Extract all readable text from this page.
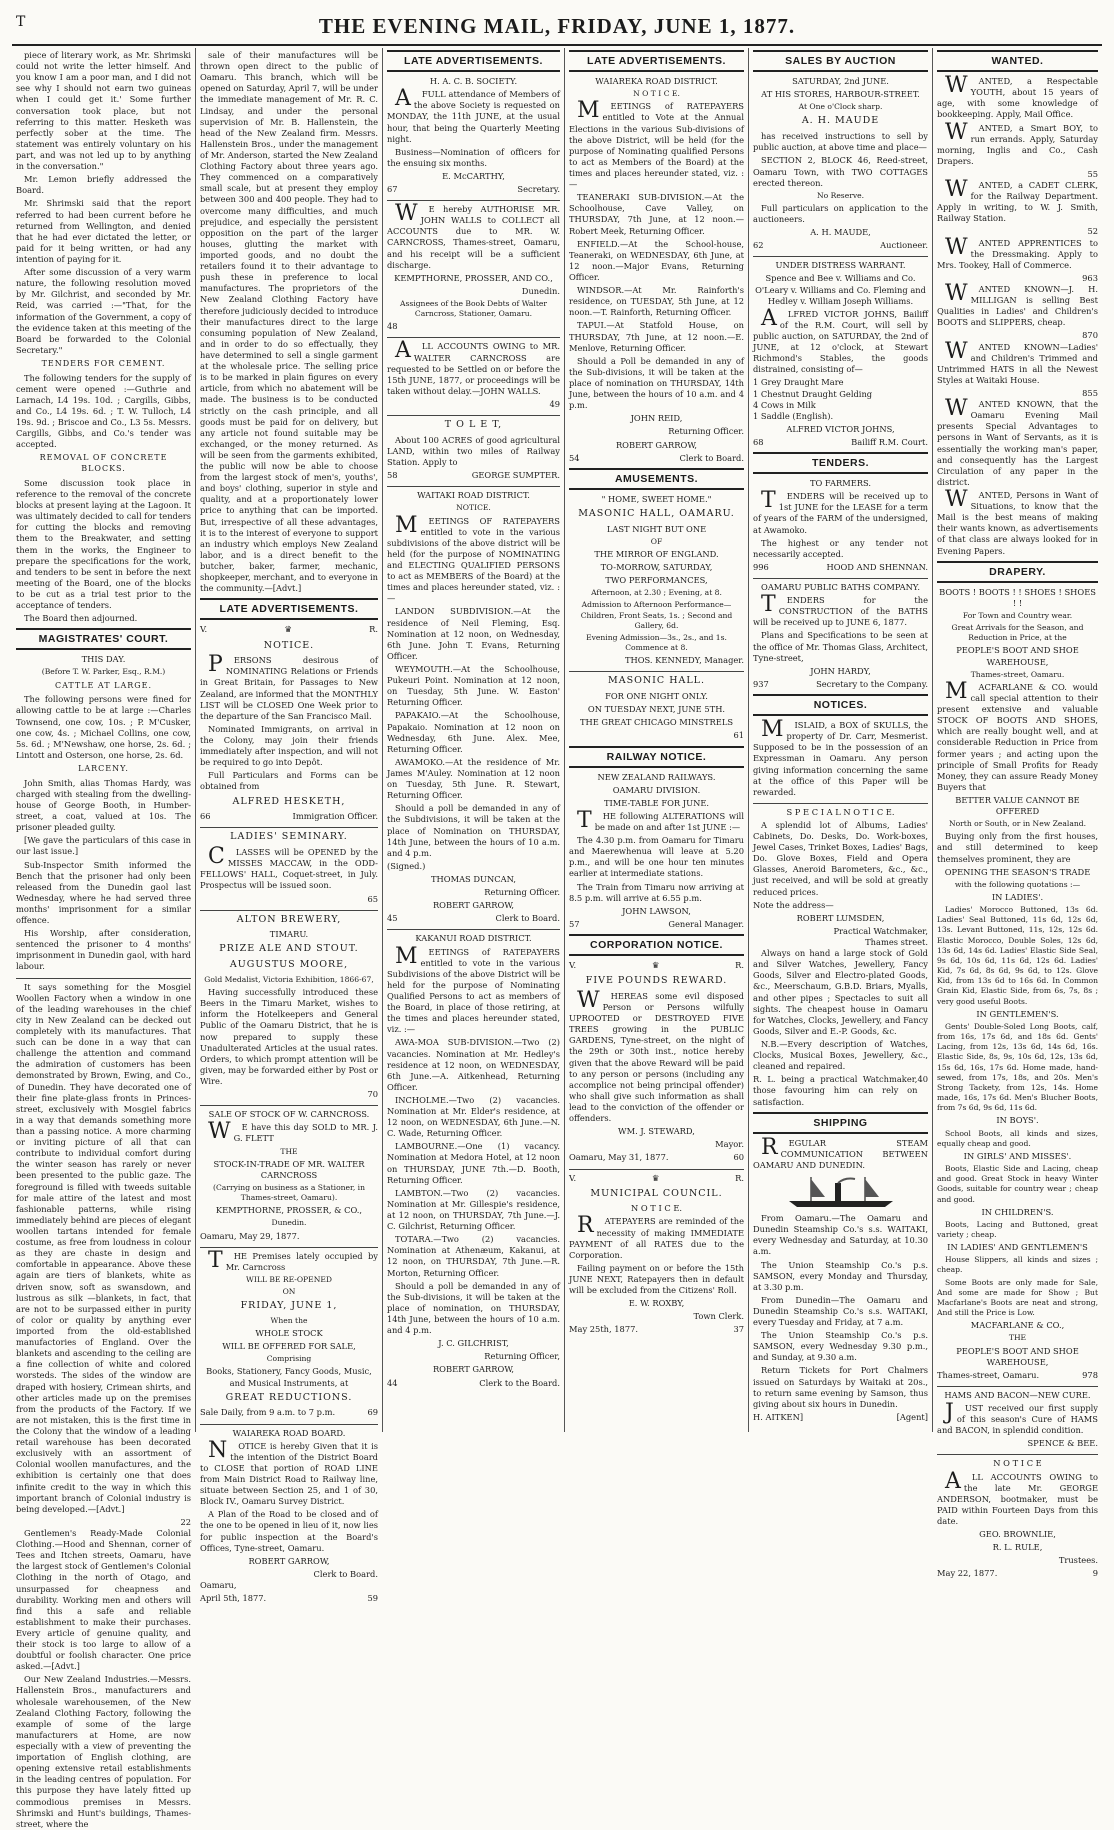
T	THE EVENING MAIL, FRIDAY, JUNE 1, 1877.

piece of literary work, as Mr. Shrimski could not write the letter himself. And you know I am a poor man, and I did not see why I should not earn two guineas when I could get it.' Some further conversation took place, but not referring to this matter. Hesketh was perfectly sober at the time. The statement was entirely voluntary on his part, and was not led up to by anything in the conversation."

Mr. Lemon briefly addressed the Board.

Mr. Shrimski said that the report referred to had been current before he returned from Wellington, and denied that he had ever dictated the letter, or paid for it being written, or had any intention of paying for it.

After some discussion of a very warm nature, the following resolution moved by Mr. Gilchrist, and seconded by Mr. Reid, was carried :—"That, for the information of the Government, a copy of the evidence taken at this meeting of the Board be forwarded to the Colonial Secretary."

TENDERS FOR CEMENT.

The following tenders for the supply of cement were opened :—Guthrie and Larnach, L4 19s. 10d. ; Cargills, Gibbs, and Co., L4 19s. 6d. ; T. W. Tulloch, L4 19s. 9d. ; Briscoe and Co., L3 5s. Messrs. Cargills, Gibbs, and Co.'s tender was accepted.

REMOVAL OF CONCRETE BLOCKS.

Some discussion took place in reference to the removal of the concrete blocks at present laying at the Lagoon. It was ultimately decided to call for tenders for cutting the blocks and removing them to the Breakwater, and setting them in the works, the Engineer to prepare the specifications for the work, and tenders to be sent in before the next meeting of the Board, one of the blocks to be cut as a trial test prior to the acceptance of tenders.

The Board then adjourned.

MAGISTRATES' COURT.
THIS DAY.
(Before T. W. Parker, Esq., R.M.)
CATTLE AT LARGE.

The following persons were fined for allowing cattle to be at large :—Charles Townsend, one cow, 10s. ; P. M'Cusker, one cow, 4s. ; Michael Collins, one cow, 5s. 6d. ; M'Newshaw, one horse, 2s. 6d. ; Lintott and Osterson, one horse, 2s. 6d.

LARCENY.

John Smith, alias Thomas Hardy, was charged with stealing from the dwelling-house of George Booth, in Humber-street, a coat, valued at 10s. The prisoner pleaded guilty.

[We gave the particulars of this case in our last issue.]

Sub-Inspector Smith informed the Bench that the prisoner had only been released from the Dunedin gaol last Wednesday, where he had served three months' imprisonment for a similar offence.

His Worship, after consideration, sentenced the prisoner to 4 months' imprisonment in Dunedin gaol, with hard labour.

It says something for the Mosgiel Woollen Factory when a window in one of the leading warehouses in the chief city in New Zealand can be decked out completely with its manufactures. That such can be done in a way that can challenge the attention and command the admiration of customers has been demonstrated by Brown, Ewing, and Co., of Dunedin. They have decorated one of their fine plate-glass fronts in Princes-street, exclusively with Mosgiel fabrics in a way that demands something more than a passing notice. A more charming or inviting picture of all that can contribute to individual comfort during the winter season has rarely or never been presented to the public gaze. The foreground is filled with tweeds suitable for male attire of the latest and most fashionable patterns, while rising immediately behind are pieces of elegant woollen tartans intended for female costume, as free from loudness in colour as they are chaste in design and comfortable in appearance. Above these again are tiers of blankets, white as driven snow, soft as swansdown, and lustrous as silk —blankets, in fact, that are not to be surpassed either in purity of color or quality by anything ever imported from the old-established manufactories of England. Over the blankets and ascending to the ceiling are a fine collection of white and colored worsteds. The sides of the window are draped with hosiery, Crimean shirts, and other articles made up on the premises from the products of the Factory. If we are not mistaken, this is the first time in the Colony that the window of a leading retail warehouse has been decorated exclusively with an assortment of Colonial woollen manufactures, and the exhibition is certainly one that does infinite credit to the way in which this important branch of Colonial industry is being developed.—[Advt.]

22

Gentlemen's Ready-Made Colonial Clothing.—Hood and Shennan, corner of Tees and Itchen streets, Oamaru, have the largest stock of Gentlemen's Colonial Clothing in the north of Otago, and unsurpassed for cheapness and durability. Working men and others will find this a safe and reliable establishment to make their purchases. Every article of genuine quality, and their stock is too large to allow of a doubtful or foolish character. One price asked.—[Advt.]

Our New Zealand Industries.—Messrs. Hallenstein Bros., manufacturers and wholesale warehousemen, of the New Zealand Clothing Factory, following the example of some of the large manufacturers at Home, are now especially with a view of preventing the importation of English clothing, are opening extensive retail establishments in the leading centres of population. For this purpose they have lately fitted up commodious premises in Messrs. Shrimski and Hunt's buildings, Thames-street, where the

sale of their manufactures will be thrown open direct to the public of Oamaru. This branch, which will be opened on Saturday, April 7, will be under the immediate management of Mr. R. C. Lindsay, and under the personal supervision of Mr. B. Hallenstein, the head of the New Zealand firm. Messrs. Hallenstein Bros., under the management of Mr. Anderson, started the New Zealand Clothing Factory about three years ago. They commenced on a comparatively small scale, but at present they employ between 300 and 400 people. They had to overcome many difficulties, and much prejudice, and especially the persistent opposition on the part of the larger houses, glutting the market with imported goods, and no doubt the retailers found it to their advantage to push these in preference to local manufactures. The proprietors of the New Zealand Clothing Factory have therefore judiciously decided to introduce their manufactures direct to the large consuming population of New Zealand, and in order to do so effectually, they have determined to sell a single garment at the wholesale price. The selling price is to be marked in plain figures on every article, from which no abatement will be made. The business is to be conducted strictly on the cash principle, and all goods must be paid for on delivery, but any article not found suitable may be exchanged, or the money returned. As will be seen from the garments exhibited, the public will now be able to choose from the largest stock of men's, youths', and boys' clothing, superior in style and quality, and at a proportionately lower price to anything that can be imported. But, irrespective of all these advantages, it is to the interest of everyone to support an industry which employs New Zealand labor, and is a direct benefit to the butcher, baker, farmer, mechanic, shopkeeper, merchant, and to everyone in the community.—[Advt.]

LATE ADVERTISEMENTS.
V.	♛	R.
NOTICE.

PERSONS desirous of NOMINATING Relations or Friends in Great Britain, for Passages to New Zealand, are informed that the MONTHLY LIST will be CLOSED One Week prior to the departure of the San Francisco Mail.

Nominated Immigrants, on arrival in the Colony, may join their friends immediately after inspection, and will not be required to go into Depôt.

Full Particulars and Forms can be obtained from

ALFRED HESKETH,
66	Immigration Officer.
LADIES' SEMINARY.

CLASSES will be OPENED by the MISSES MACCAW, in the ODD-FELLOWS' HALL, Coquet-street, in July. Prospectus will be issued soon.

65
ALTON BREWERY,
TIMARU.
PRIZE ALE AND STOUT.
AUGUSTUS MOORE,
Gold Medalist, Victoria Exhibition, 1866-67,

Having successfully introduced these Beers in the Timaru Market, wishes to inform the Hotelkeepers and General Public of the Oamaru District, that he is now prepared to supply these Unadulterated Articles at the usual rates. Orders, to which prompt attention will be given, may be forwarded either by Post or Wire.

70
SALE OF STOCK OF W. CARNCROSS.

WE have this day SOLD to MR. J. G. FLETT

THE
STOCK-IN-TRADE OF MR. WALTER CARNCROSS
(Carrying on business as a Stationer, in Thames-street, Oamaru).
KEMPTHORNE, PROSSER, & CO.,
Dunedin.
Oamaru, May 29, 1877.

THE Premises lately occupied by Mr. Carncross

WILL BE RE-OPENED
ON
FRIDAY, JUNE 1,
When the
WHOLE STOCK
WILL BE OFFERED FOR SALE,
Comprising
Books, Stationery, Fancy Goods, Music, and Musical Instruments, at
GREAT REDUCTIONS.
Sale Daily, from 9 a.m. to 7 p.m.	69
WAIAREKA ROAD BOARD.

NOTICE is hereby Given that it is the intention of the District Board to CLOSE that portion of ROAD LINE from Main District Road to Railway line, situate between Section 25, and 1 of 30, Block IV., Oamaru Survey District.

A Plan of the Road to be closed and of the one to be opened in lieu of it, now lies for public inspection at the Board's Offices, Tyne-street, Oamaru.

ROBERT GARROW,
Clerk to Board.
Oamaru,
April 5th, 1877.	59
LATE ADVERTISEMENTS.
H. A. C. B. SOCIETY.

AFULL attendance of Members of the above Society is requested on MONDAY, the 11th JUNE, at the usual hour, that being the Quarterly Meeting night.

Business—Nomination of officers for the ensuing six months.

E. McCARTHY,
67	Secretary.

WE hereby AUTHORISE MR. JOHN WALLS to COLLECT all ACCOUNTS due to MR. W. CARNCROSS, Thames-street, Oamaru, and his receipt will be a sufficient discharge.

KEMPTHORNE, PROSSER, AND CO.,
Dunedin.
Assignees of the Book Debts of Walter Carncross, Stationer, Oamaru.
48

ALL ACCOUNTS OWING to MR. WALTER CARNCROSS are requested to be Settled on or before the 15th JUNE, 1877, or proceedings will be taken without delay.—JOHN WALLS.

49
T O L E T,

About 100 ACRES of good agricultural LAND, within two miles of Railway Station. Apply to

58	GEORGE SUMPTER.
WAITAKI ROAD DISTRICT.
NOTICE.

MEETINGS OF RATEPAYERS entitled to vote in the various subdivisions of the above district will be held (for the purpose of NOMINATING and ELECTING QUALIFIED PERSONS to act as MEMBERS of the Board) at the times and places hereunder stated, viz. :—

LANDON SUBDIVISION.—At the residence of Neil Fleming, Esq. Nomination at 12 noon, on Wednesday, 6th June. John T. Evans, Returning Officer.

WEYMOUTH.—At the Schoolhouse, Pukeuri Point. Nomination at 12 noon, on Tuesday, 5th June. W. Easton' Returning Officer.

PAPAKAIO.—At the Schoolhouse, Papakaio. Nomination at 12 noon on Wednesday, 6th June. Alex. Mee, Returning Officer.

AWAMOKO.—At the residence of Mr. James M'Auley. Nomination at 12 noon on Tuesday, 5th June. R. Stewart, Returning Officer.

Should a poll be demanded in any of the Subdivisions, it will be taken at the place of Nomination on THURSDAY, 14th June, between the hours of 10 a.m. and 4 p.m.

(Signed.)
THOMAS DUNCAN,
Returning Officer.
ROBERT GARROW,
45	Clerk to Board.
KAKANUI ROAD DISTRICT.

MEETINGS of RATEPAYERS entitled to vote in the various Subdivisions of the above District will be held for the purpose of Nominating Qualified Persons to act as members of the Board, in place of those retiring, at the times and places hereunder stated, viz. :—

AWA-MOA SUB-DIVISION.—Two (2) vacancies. Nomination at Mr. Hedley's residence at 12 noon, on WEDNESDAY, 6th June.—A. Aitkenhead, Returning Officer.

INCHOLME.—Two (2) vacancies. Nomination at Mr. Elder's residence, at 12 noon, on WEDNESDAY, 6th June.—N. C. Wade, Returning Officer.

LAMBOURNE.—One (1) vacancy. Nomination at Medora Hotel, at 12 noon on THURSDAY, JUNE 7th.—D. Booth, Returning Officer.

LAMBTON.—Two (2) vacancies. Nomination at Mr. Gillespie's residence, at 12 noon, on THURSDAY, 7th June.—J. C. Gilchrist, Returning Officer.

TOTARA.—Two (2) vacancies. Nomination at Athenæum, Kakanui, at 12 noon, on THURSDAY, 7th June.—R. Morton, Returning Officer.

Should a poll be demanded in any of the Sub-divisions, it will be taken at the place of nomination, on THURSDAY, 14th June, between the hours of 10 a.m. and 4 p.m.

J. C. GILCHRIST,
Returning Officer,
ROBERT GARROW,
44	Clerk to the Board.
LATE ADVERTISEMENTS.
WAIAREKA ROAD DISTRICT.
N O T I C E.

MEETINGS of RATEPAYERS entitled to Vote at the Annual Elections in the various Sub-divisions of the above District, will be held (for the purpose of Nominating qualified Persons to act as Members of the Board) at the times and places hereunder stated, viz. :—

TEANERAKI SUB-DIVISION.—At the Schoolhouse, Cave Valley, on THURSDAY, 7th June, at 12 noon.—Robert Meek, Returning Officer.

ENFIELD.—At the School-house, Teaneraki, on WEDNESDAY, 6th June, at 12 noon.—Major Evans, Returning Officer.

WINDSOR.—At Mr. Rainforth's residence, on TUESDAY, 5th June, at 12 noon.—T. Rainforth, Returning Officer.

TAPUI.—At Statfold House, on THURSDAY, 7th June, at 12 noon.—E. Menlove, Returning Officer.

Should a Poll be demanded in any of the Sub-divisions, it will be taken at the place of nomination on THURSDAY, 14th June, between the hours of 10 a.m. and 4 p.m.

JOHN REID,
Returning Officer.
ROBERT GARROW,
54	Clerk to Board.
AMUSEMENTS.
" HOME, SWEET HOME."
MASONIC HALL, OAMARU.
LAST NIGHT BUT ONE
OF
THE MIRROR OF ENGLAND.
TO-MORROW, SATURDAY,
TWO PERFORMANCES,
Afternoon, at 2.30 ; Evening, at 8.
Admission to Afternoon Performance—Children, Front Seats, 1s. ; Second and Gallery, 6d.
Evening Admission—3s., 2s., and 1s. Commence at 8.
THOS. KENNEDY, Manager.
MASONIC HALL.
FOR ONE NIGHT ONLY.
ON TUESDAY NEXT, JUNE 5TH.
THE GREAT CHICAGO MINSTRELS
61
RAILWAY NOTICE.
NEW ZEALAND RAILWAYS.
OAMARU DIVISION.
TIME-TABLE FOR JUNE.

THE following ALTERATIONS will be made on and after 1st JUNE :—

The 4.30 p.m. from Oamaru for Timaru and Maerewhenua will leave at 5.20 p.m., and will be one hour ten minutes earlier at intermediate stations.

The Train from Timaru now arriving at 8.5 p.m. will arrive at 6.55 p.m.

JOHN LAWSON,
57	General Manager.
CORPORATION NOTICE.
V.	♛	R.
FIVE POUNDS REWARD.

WHEREAS some evil disposed Person or Persons wilfully UPROOTED or DESTROYED FIVE TREES growing in the PUBLIC GARDENS, Tyne-street, on the night of the 29th or 30th inst., notice hereby given that the above Reward will be paid to any person or persons (including any accomplice not being principal offender) who shall give such information as shall lead to the conviction of the offender or offenders.

WM. J. STEWARD,
Mayor.
Oamaru, May 31, 1877.	60
V.	♛	R.
MUNICIPAL COUNCIL.
N O T I C E.

RATEPAYERS are reminded of the necessity of making IMMEDIATE PAYMENT of all RATES due to the Corporation.

Failing payment on or before the 15th JUNE NEXT, Ratepayers then in default will be excluded from the Citizens' Roll.

E. W. ROXBY,
Town Clerk.
May 25th, 1877.	37
SALES BY AUCTION
SATURDAY, 2nd JUNE.
AT HIS STORES, HARBOUR-STREET.
At One o'Clock sharp.
A. H. MAUDE

has received instructions to sell by public auction, at above time and place—

SECTION 2, BLOCK 46, Reed-street, Oamaru Town, with TWO COTTAGES erected thereon.

No Reserve.

Full particulars on application to the auctioneers.

A. H. MAUDE,
62	Auctioneer.
UNDER DISTRESS WARRANT.
Spence and Bee v. Williams and Co. O'Leary v. Williams and Co. Fleming and Hedley v. William Joseph Williams.

ALFRED VICTOR JOHNS, Bailiff of the R.M. Court, will sell by public auction, on SATURDAY, the 2nd of JUNE, at 12 o'clock, at Stewart Richmond's Stables, the goods distrained, consisting of—

1 Grey Draught Mare
1 Chestnut Draught Gelding
4 Cows in Milk
1 Saddle (English).
ALFRED VICTOR JOHNS,
68	Bailiff R.M. Court.
TENDERS.
TO FARMERS.

TENDERS will be received up to 1st JUNE for the LEASE for a term of years of the FARM of the undersigned, at Awamoko.

The highest or any tender not necessarily accepted.

996	HOOD AND SHENNAN.
OAMARU PUBLIC BATHS COMPANY.

TENDERS for the CONSTRUCTION of the BATHS will be received up to JUNE 6, 1877.

Plans and Specifications to be seen at the office of Mr. Thomas Glass, Architect, Tyne-street,

JOHN HARDY,
937	Secretary to the Company.
NOTICES.

MISLAID, a BOX of SKULLS, the property of Dr. Carr, Mesmerist. Supposed to be in the possession of an Expressman in Oamaru. Any person giving information concerning the same at the office of this Paper will be rewarded.

S P E C I A L N O T I C E.

A splendid lot of Albums, Ladies' Cabinets, Do. Desks, Do. Work-boxes, Jewel Cases, Trinket Boxes, Ladies' Bags, Do. Glove Boxes, Field and Opera Glasses, Aneroid Barometers, &c., &c., just received, and will be sold at greatly reduced prices.

Note the address—
ROBERT LUMSDEN,
Practical Watchmaker,
Thames street.

Always on hand a large stock of Gold and Silver Watches, Jewellery, Fancy Goods, Silver and Electro-plated Goods, &c., Meerschaum, G.B.D. Briars, Myalls, and other pipes ; Spectacles to suit all sights. The cheapest house in Oamaru for Watches, Clocks, Jewellery, and Fancy Goods, Silver and E.-P. Goods, &c.

N.B.—Every description of Watches, Clocks, Musical Boxes, Jewellery, &c., cleaned and repaired.

R. L. being a practical Watchmaker, those favouring him can rely on satisfaction.
40
SHIPPING

REGULAR STEAM COMMUNICATION BETWEEN OAMARU AND DUNEDIN.

From Oamaru.—The Oamaru and Dunedin Steamship Co.'s s.s. WAITAKI, every Wednesday and Saturday, at 10.30 a.m.

The Union Steamship Co.'s p.s. SAMSON, every Monday and Thursday, at 3.30 p.m.

From Dunedin—The Oamaru and Dunedin Steamship Co.'s s.s. WAITAKI, every Tuesday and Friday, at 7 a.m.

The Union Steamship Co.'s p.s. SAMSON, every Wednesday 9.30 p.m., and Sunday, at 9.30 a.m.

Return Tickets for Port Chalmers issued on Saturdays by Waitaki at 20s., to return same evening by Samson, thus giving about six hours in Dunedin.

H. AITKEN]	[Agent]
WANTED.

WANTED, a Respectable YOUTH, about 15 years of age, with some knowledge of bookkeeping. Apply, Mail Office.

WANTED, a Smart BOY, to run errands. Apply, Saturday morning, Inglis and Co., Cash Drapers.

55

WANTED, a CADET CLERK, for the Railway Department. Apply in writing, to W. J. Smith, Railway Station.

52

WANTED APPRENTICES to the Dressmaking. Apply to Mrs. Tookey, Hall of Commerce.

963

WANTED KNOWN—J. H. MILLIGAN is selling Best Qualities in Ladies' and Children's BOOTS and SLIPPERS, cheap.

870

WANTED KNOWN—Ladies' and Children's Trimmed and Untrimmed HATS in all the Newest Styles at Waitaki House.

855

WANTED KNOWN, that the Oamaru Evening Mail presents Special Advantages to persons in Want of Servants, as it is essentially the working man's paper, and consequently has the Largest Circulation of any paper in the district.

WANTED, Persons in Want of Situations, to know that the Mail is the best means of making their wants known, as advertisements of that class are always looked for in Evening Papers.

DRAPERY.
BOOTS ! BOOTS ! ! SHOES ! SHOES ! !
For Town and Country wear.
Great Arrivals for the Season, and Reduction in Price, at the
PEOPLE'S BOOT AND SHOE WAREHOUSE,
Thames-street, Oamaru.

MACFARLANE & CO. would call special attention to their present extensive and valuable STOCK OF BOOTS AND SHOES, which are really bought well, and at considerable Reduction in Price from former years ; and acting upon the principle of Small Profits for Ready Money, they can assure Ready Money Buyers that

BETTER VALUE CANNOT BE OFFERED
North or South, or in New Zealand.

Buying only from the first houses, and still determined to keep themselves prominent, they are

OPENING THE SEASON'S TRADE
with the following quotations :—
IN LADIES'.

Ladies' Morocco Buttoned, 13s 6d. Ladies' Seal Buttoned, 11s 6d, 12s 6d, 13s. Levant Buttoned, 11s, 12s, 12s 6d. Elastic Morocco, Double Soles, 12s 6d, 13s 6d, 14s 6d. Ladies' Elastic Side Seal, 9s 6d, 10s 6d, 11s 6d, 12s 6d. Ladies' Kid, 7s 6d, 8s 6d, 9s 6d, to 12s. Glove Kid, from 13s 6d to 16s 6d. In Common Grain Kid, Elastic Side, from 6s, 7s, 8s ; very good useful Boots.

IN GENTLEMEN'S.

Gents' Double-Soled Long Boots, calf, from 16s, 17s 6d, and 18s 6d. Gents' Lacing, from 12s, 13s 6d, 14s 6d, 16s. Elastic Side, 8s, 9s, 10s 6d, 12s, 13s 6d, 15s 6d, 16s, 17s 6d. Home made, hand-sewed, from 17s, 18s, and 20s. Men's Strong Tackety, from 12s, 14s. Home made, 16s, 17s 6d. Men's Blucher Boots, from 7s 6d, 9s 6d, 11s 6d.

IN BOYS'.

School Boots, all kinds and sizes, equally cheap and good.

IN GIRLS' AND MISSES'.

Boots, Elastic Side and Lacing, cheap and good. Great Stock in heavy Winter Goods, suitable for country wear ; cheap and good.

IN CHILDREN'S.

Boots, Lacing and Buttoned, great variety ; cheap.

IN LADIES' AND GENTLEMEN'S

House Slippers, all kinds and sizes ; cheap.

Some Boots are only made for Sale, And some are made for Show ; But Macfarlane's Boots are neat and strong, And still the Price is Low.

MACFARLANE & CO.,
THE
PEOPLE'S BOOT AND SHOE WAREHOUSE,
Thames-street, Oamaru.	978
HAMS AND BACON—NEW CURE.

JUST received our first supply of this season's Cure of HAMS and BACON, in splendid condition.

SPENCE & BEE.
N O T I C E

ALL ACCOUNTS OWING to the late Mr. GEORGE ANDERSON, bootmaker, must be PAID within Fourteen Days from this date.

GEO. BROWNLIE,
R. L. RULE,
Trustees.
May 22, 1877.	9
